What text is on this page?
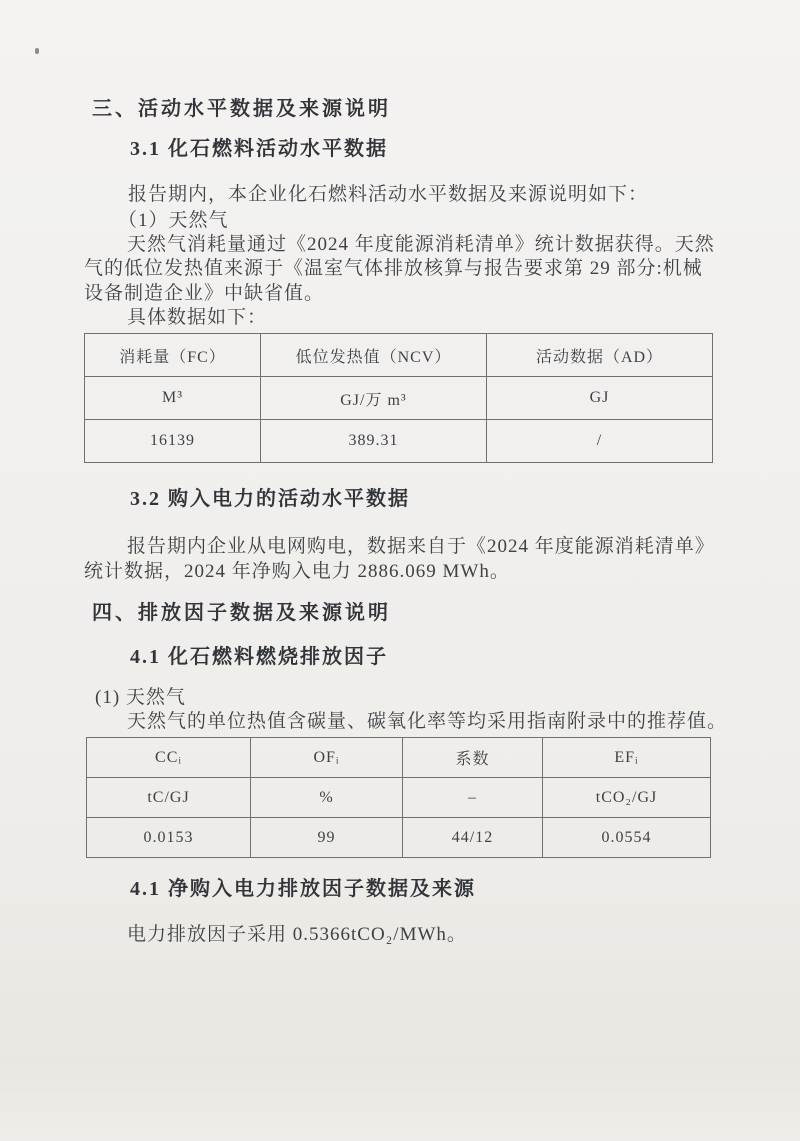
三、活动水平数据及来源说明
3.1 化石燃料活动水平数据

报告期内，本企业化石燃料活动水平数据及来源说明如下：

（1）天然气

天然气消耗量通过《2024 年度能源消耗清单》统计数据获得。天然

气的低位发热值来源于《温室气体排放核算与报告要求第 29 部分:机械

设备制造企业》中缺省值。

具体数据如下：

消耗量（FC）	低位发热值（NCV）	活动数据（AD）
M³	GJ/万 m³	GJ
16139	389.31	/
3.2 购入电力的活动水平数据

报告期内企业从电网购电，数据来自于《2024 年度能源消耗清单》

统计数据，2024 年净购入电力 2886.069 MWh。

四、排放因子数据及来源说明
4.1 化石燃料燃烧排放因子

(1) 天然气

天然气的单位热值含碳量、碳氧化率等均采用指南附录中的推荐值。

CCᵢ	OFᵢ	系数	EFᵢ
tC/GJ	%	–	tCO₂/GJ
0.0153	99	44/12	0.0554
4.1 净购入电力排放因子数据及来源

电力排放因子采用 0.5366tCO₂/MWh。
